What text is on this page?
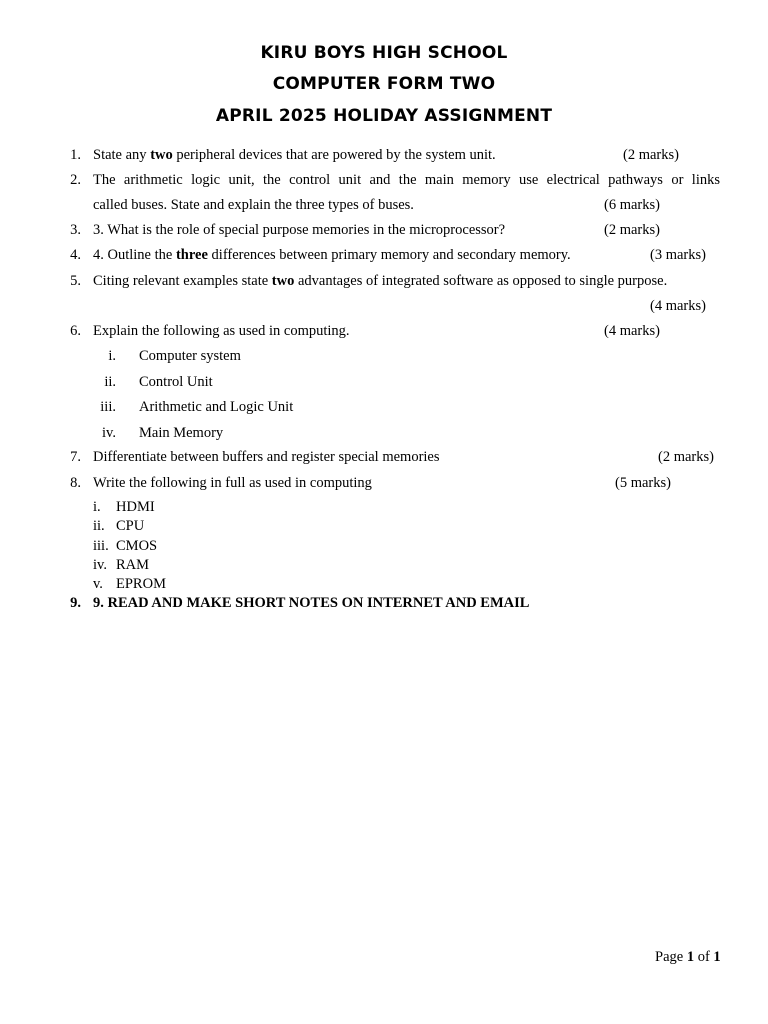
KIRU BOYS HIGH SCHOOL
COMPUTER FORM TWO
APRIL 2025 HOLIDAY ASSIGNMENT
1. State any two peripheral devices that are powered by the system unit.	(2 marks)
2. The arithmetic logic unit, the control unit and the main memory use electrical pathways or links
called buses. State and explain the three types of buses.	(6 marks)
3. 3. What is the role of special purpose memories in the microprocessor?	(2 marks)
4. 4. Outline the three differences between primary memory and secondary memory.	(3 marks)
5. Citing relevant examples state two advantages of integrated software as opposed to single purpose.
(4 marks)
6. Explain the following as used in computing.	(4 marks)
i. Computer system
ii. Control Unit
iii. Arithmetic and Logic Unit
iv. Main Memory
7. Differentiate between buffers and register special memories	(2 marks)
8. Write the following in full as used in computing	(5 marks)
i. HDMI
ii. CPU
iii. CMOS
iv. RAM
v. EPROM
9. 9. READ AND MAKE SHORT NOTES ON INTERNET AND EMAIL
Page 1 of 1
